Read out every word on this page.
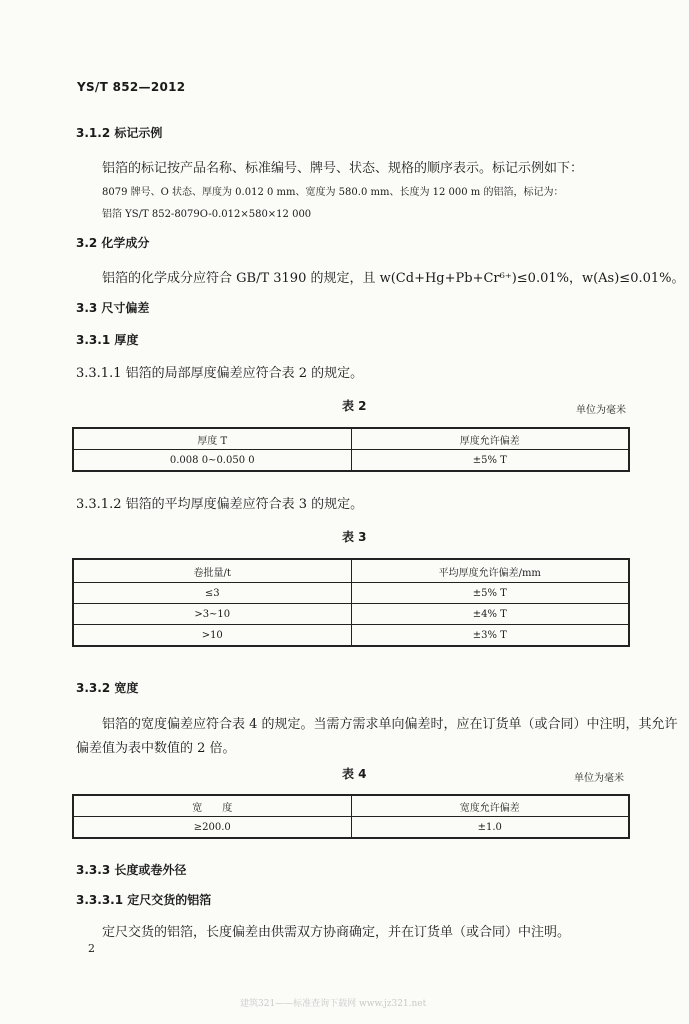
YS/T 852—2012
3.1.2 标记示例
铝箔的标记按产品名称、标准编号、牌号、状态、规格的顺序表示。标记示例如下：
8079 牌号、O 状态、厚度为 0.012 0 mm、宽度为 580.0 mm、长度为 12 000 m 的铝箔，标记为：
铝箔 YS/T 852-8079O-0.012×580×12 000
3.2 化学成分
铝箔的化学成分应符合 GB/T 3190 的规定，且 w(Cd+Hg+Pb+Cr⁶⁺)≤0.01%，w(As)≤0.01%。
3.3 尺寸偏差
3.3.1 厚度
3.3.1.1 铝箔的局部厚度偏差应符合表 2 的规定。
表 2	单位为毫米
厚度 T	厚度允许偏差
0.008 0~0.050 0	±5% T
3.3.1.2 铝箔的平均厚度偏差应符合表 3 的规定。
表 3
卷批量/t	平均厚度允许偏差/mm
≤3	±5% T
>3~10	±4% T
>10	±3% T
3.3.2 宽度
铝箔的宽度偏差应符合表 4 的规定。当需方需求单向偏差时，应在订货单（或合同）中注明，其允许
偏差值为表中数值的 2 倍。
表 4	单位为毫米
宽　　度	宽度允许偏差
≥200.0	±1.0
3.3.3 长度或卷外径
3.3.3.1 定尺交货的铝箔
定尺交货的铝箔，长度偏差由供需双方协商确定，并在订货单（或合同）中注明。
2
建筑321——标准查询下载网 www.jz321.net
